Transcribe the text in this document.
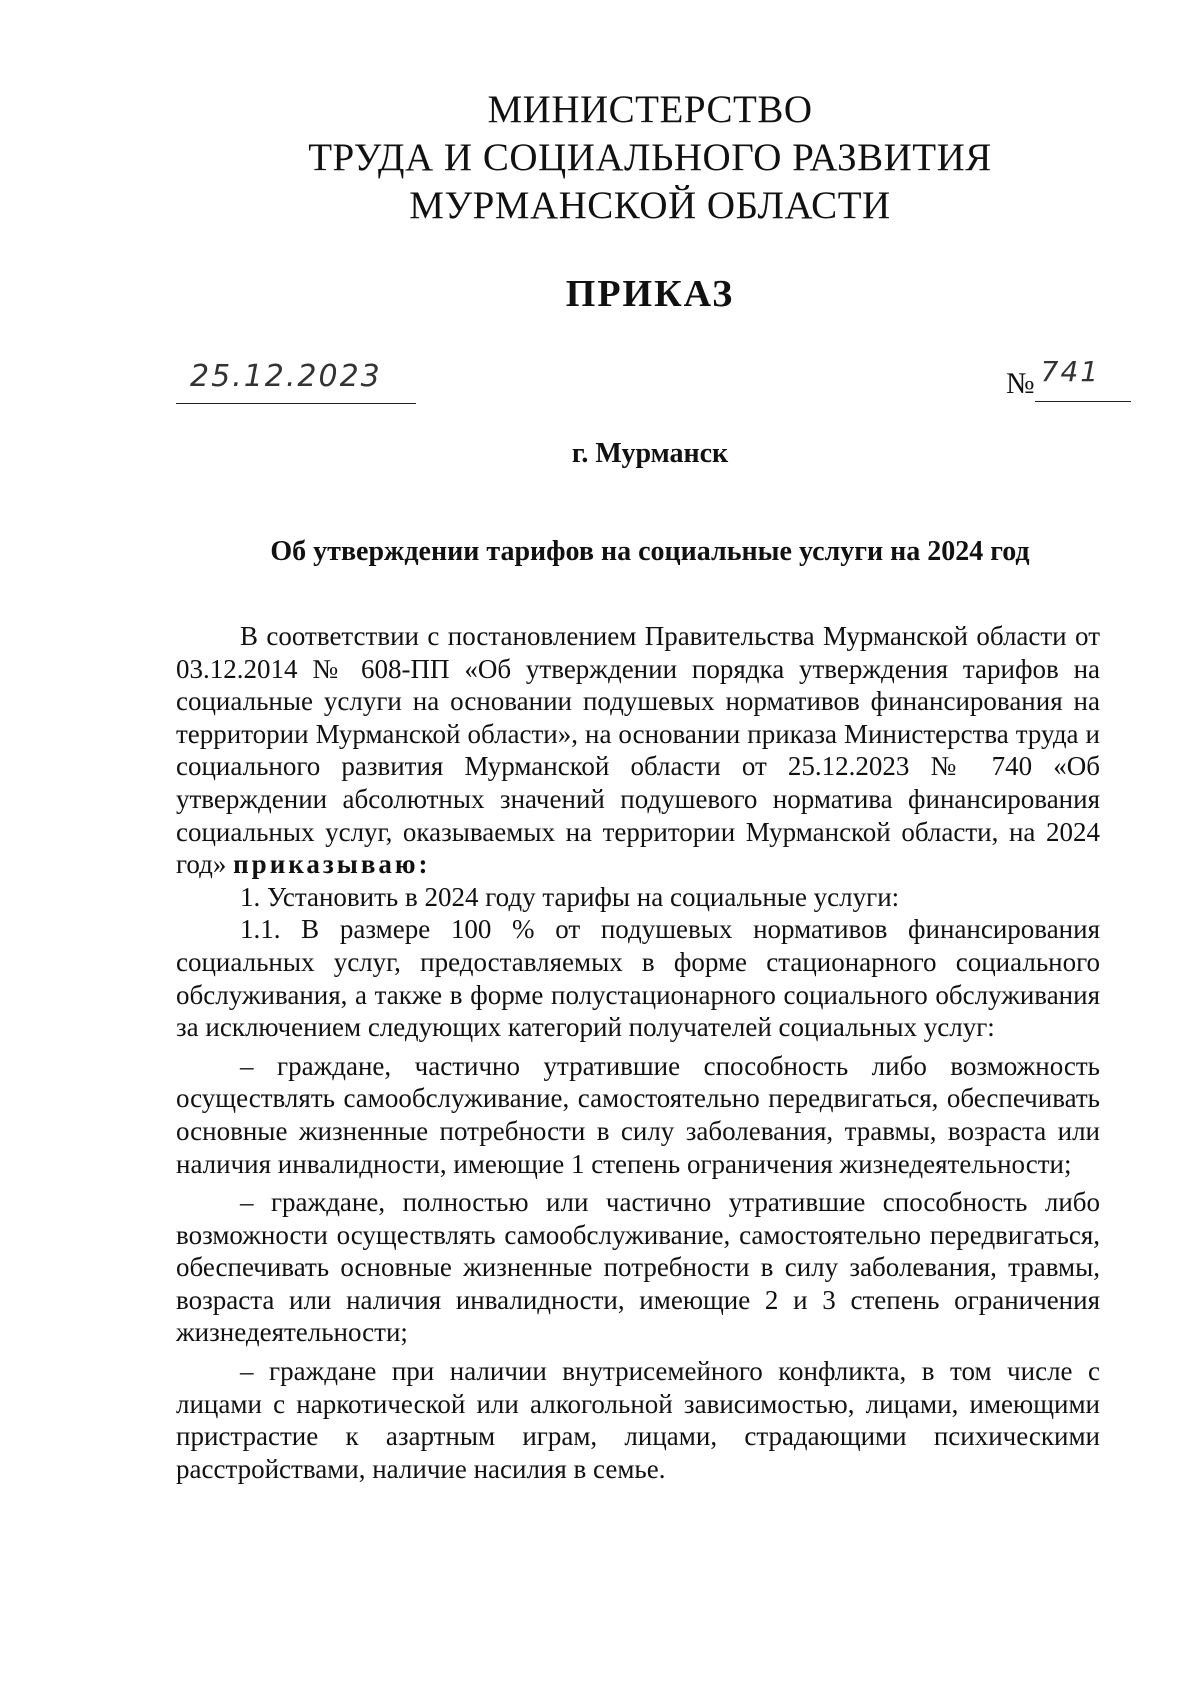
МИНИСТЕРСТВО
ТРУДА И СОЦИАЛЬНОГО РАЗВИТИЯ
МУРМАНСКОЙ ОБЛАСТИ
ПРИКАЗ
25.12.2023	№ 741
г. Мурманск
Об утверждении тарифов на социальные услуги на 2024 год

В соответствии с постановлением Правительства Мурманской области от 03.12.2014 № 608-ПП «Об утверждении порядка утверждения тарифов на социальные услуги на основании подушевых нормативов финансирования на территории Мурманской области», на основании приказа Министерства труда и социального развития Мурманской области от 25.12.2023 № 740 «Об утверждении абсолютных значений подушевого норматива финансирования социальных услуг, оказываемых на территории Мурманской области, на 2024 год» приказываю:

1. Установить в 2024 году тарифы на социальные услуги:

1.1. В размере 100 % от подушевых нормативов финансирования социальных услуг, предоставляемых в форме стационарного социального обслуживания, а также в форме полустационарного социального обслуживания за исключением следующих категорий получателей социальных услуг:

– граждане, частично утратившие способность либо возможность осуществлять самообслуживание, самостоятельно передвигаться, обеспечивать основные жизненные потребности в силу заболевания, травмы, возраста или наличия инвалидности, имеющие 1 степень ограничения жизнедеятельности;

– граждане, полностью или частично утратившие способность либо возможности осуществлять самообслуживание, самостоятельно передвигаться, обеспечивать основные жизненные потребности в силу заболевания, травмы, возраста или наличия инвалидности, имеющие 2 и 3 степень ограничения жизнедеятельности;

– граждане при наличии внутрисемейного конфликта, в том числе с лицами с наркотической или алкогольной зависимостью, лицами, имеющими пристрастие к азартным играм, лицами, страдающими психическими расстройствами, наличие насилия в семье.
